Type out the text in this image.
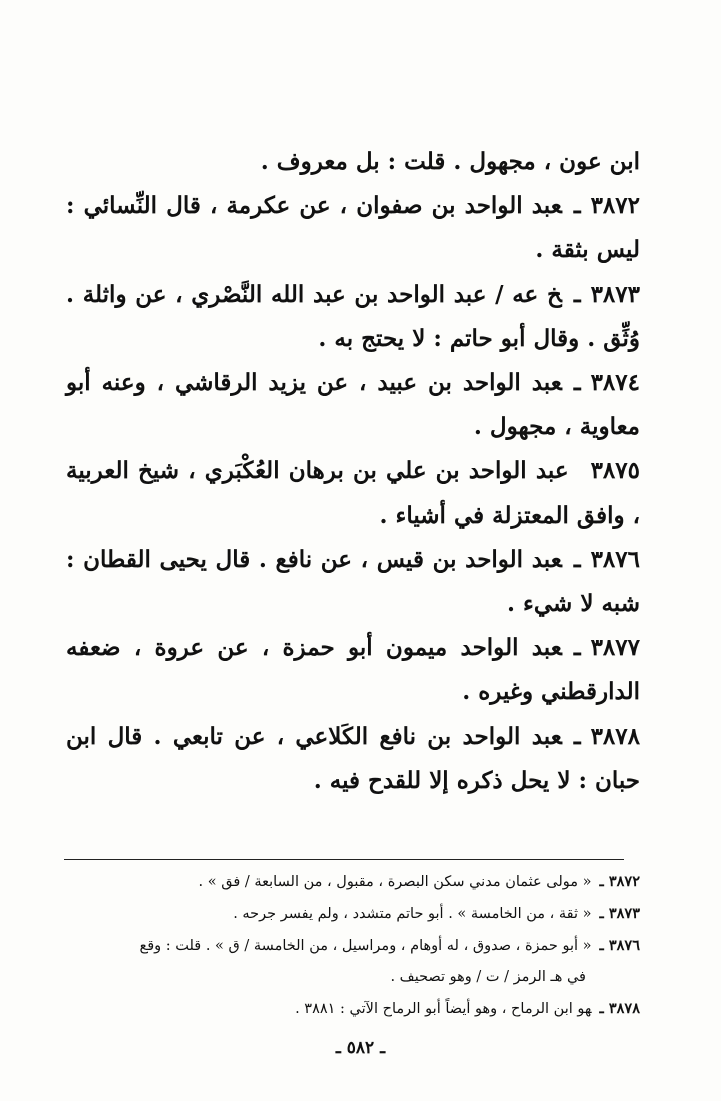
ابن عون ، مجهول . قلت : بل معروف .

٣٨٧٢ـعبد الواحد بن صفوان ، عن عكرمة ، قال النِّسائي : ليس بثقة .

٣٨٧٣ـخ عه / عبد الواحد بن عبد الله النَّصْري ، عن واثلة . وُثِّق . وقال أبو حاتم : لا يحتج به .

٣٨٧٤ـعبد الواحد بن عبيد ، عن يزيد الرقاشي ، وعنه أبو معاوية ، مجهول .

٣٨٧٥عبد الواحد بن علي بن برهان العُكْبَري ، شيخ العربية ، وافق المعتزلة في أشياء .

٣٨٧٦ـعبد الواحد بن قيس ، عن نافع . قال يحيى القطان : شبه لا شيء .

٣٨٧٧ـعبد الواحد ميمون أبو حمزة ، عن عروة ، ضعفه الدارقطني وغيره .

٣٨٧٨ـعبد الواحد بن نافع الكَلاعي ، عن تابعي . قال ابن حبان : لا يحل ذكره إلا للقدح فيه .

٣٨٧٢ ـ« مولى عثمان مدني سكن البصرة ، مقبول ، من السابعة / فق » .

٣٨٧٣ ـ« ثقة ، من الخامسة » . أبو حاتم متشدد ، ولم يفسر جرحه .

٣٨٧٦ ـ« أبو حمزة ، صدوق ، له أوهام ، ومراسيل ، من الخامسة / ق » . قلت : وقع
في هـ الرمز / ت / وهو تصحيف .

٣٨٧٨ ـهو ابن الرماح ، وهو أيضاً أبو الرماح الآتي : ٣٨٨١ .

ـ ٥٨٢ ـ
